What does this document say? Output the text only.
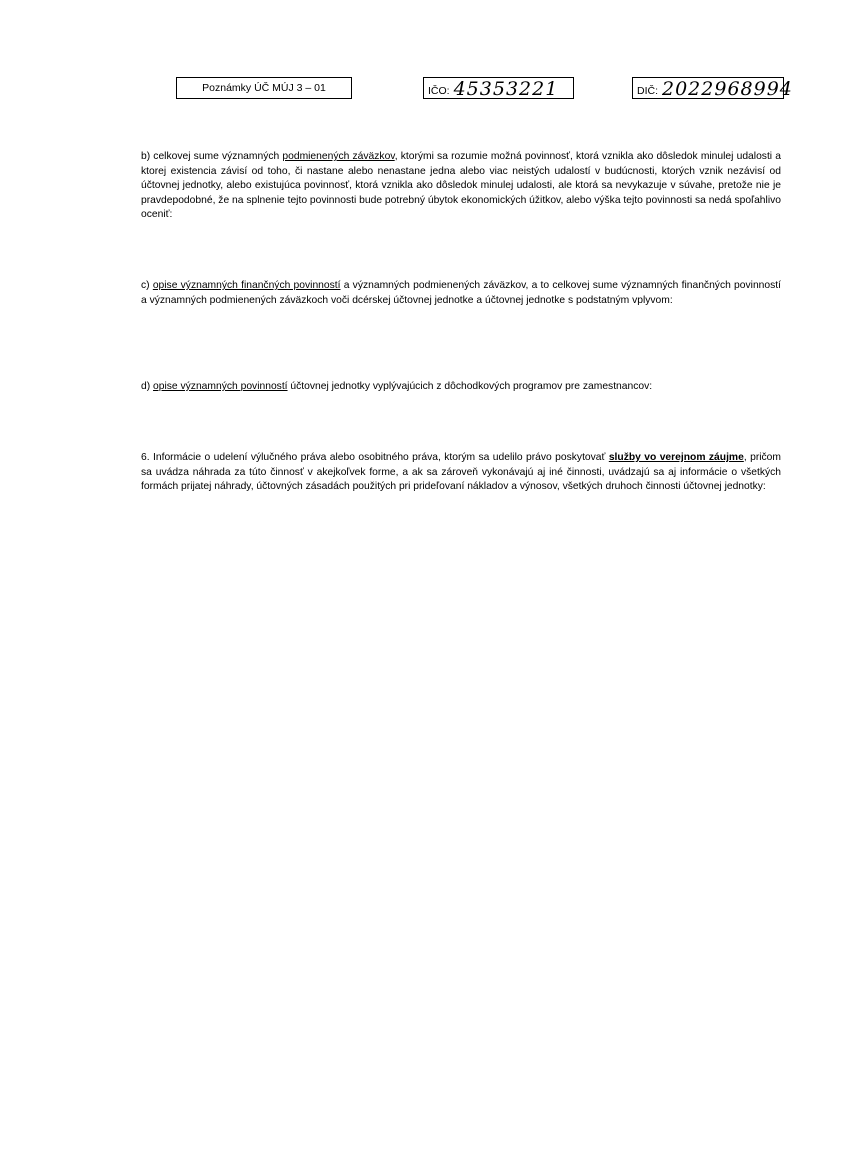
Poznámky ÚČ MÚJ 3 – 01	IČO: 45353221	DIČ: 2022968994

b) celkovej sume významných podmienených záväzkov, ktorými sa rozumie možná povinnosť, ktorá vznikla ako dôsledok minulej udalosti a ktorej existencia závisí od toho, či nastane alebo nenastane jedna alebo viac neistých udalostí v budúcnosti, ktorých vznik nezávisí od účtovnej jednotky, alebo existujúca povinnosť, ktorá vznikla ako dôsledok minulej udalosti, ale ktorá sa nevykazuje v súvahe, pretože nie je pravdepodobné, že na splnenie tejto povinnosti bude potrebný úbytok ekonomických úžitkov, alebo výška tejto povinnosti sa nedá spoľahlivo oceniť:

c) opise významných finančných povinností a významných podmienených záväzkov, a to celkovej sume významných finančných povinností a významných podmienených záväzkoch voči dcérskej účtovnej jednotke a účtovnej jednotke s podstatným vplyvom:

d) opise významných povinností účtovnej jednotky vyplývajúcich z dôchodkových programov pre zamestnancov:

6. Informácie o udelení výlučného práva alebo osobitného práva, ktorým sa udelilo právo poskytovať služby vo verejnom záujme, pričom sa uvádza náhrada za túto činnosť v akejkoľvek forme, a ak sa zároveň vykonávajú aj iné činnosti, uvádzajú sa aj informácie o všetkých formách prijatej náhrady, účtovných zásadách použitých pri prideľovaní nákladov a výnosov, všetkých druhoch činnosti účtovnej jednotky:
